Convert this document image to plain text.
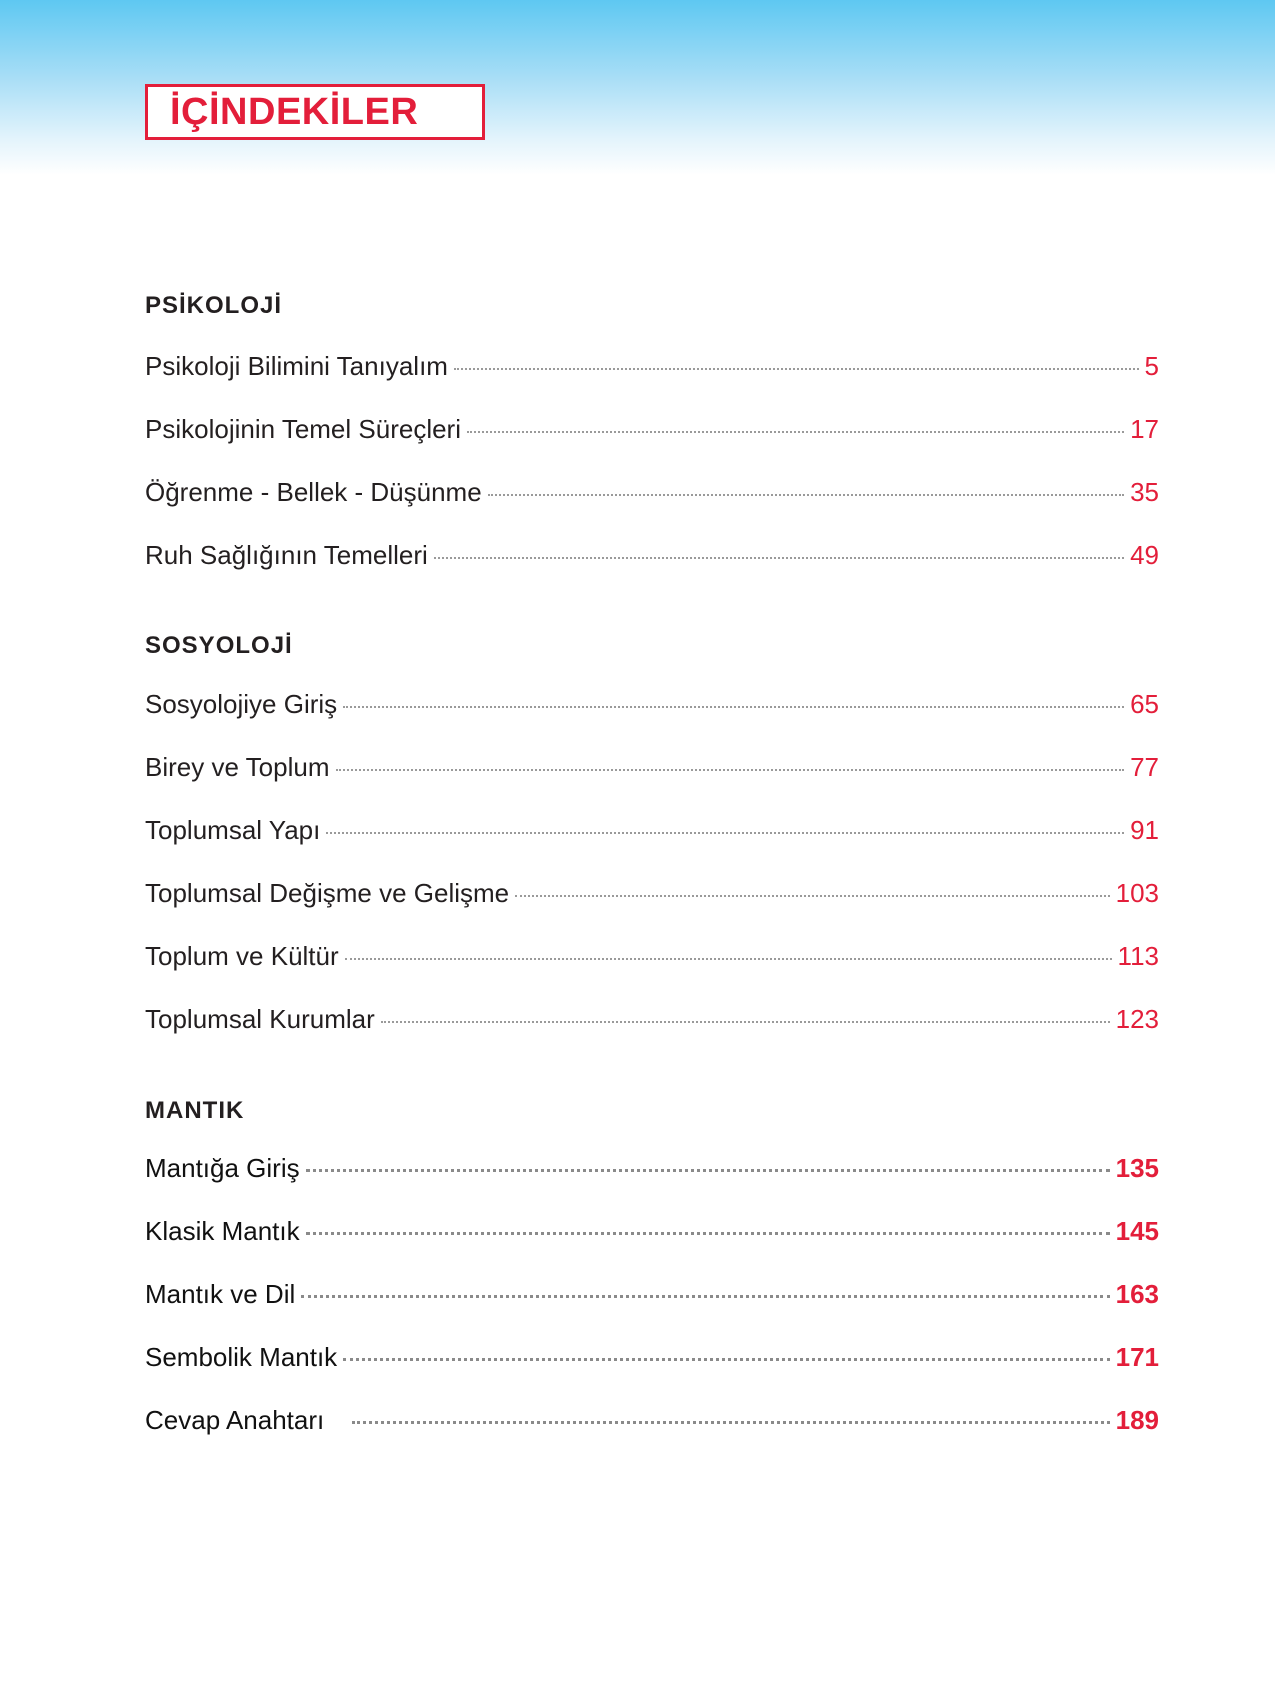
İÇİNDEKİLER
PSİKOLOJİ
Psikoloji Bilimini Tanıyalım	5
Psikolojinin Temel Süreçleri	17
Öğrenme - Bellek - Düşünme	35
Ruh Sağlığının Temelleri	49
SOSYOLOJİ
Sosyolojiye Giriş	65
Birey ve Toplum	77
Toplumsal Yapı	91
Toplumsal Değişme ve Gelişme	103
Toplum ve Kültür	113
Toplumsal Kurumlar	123
MANTIK
Mantığa Giriş	135
Klasik Mantık	145
Mantık ve Dil	163
Sembolik Mantık	171
Cevap Anahtarı	189
